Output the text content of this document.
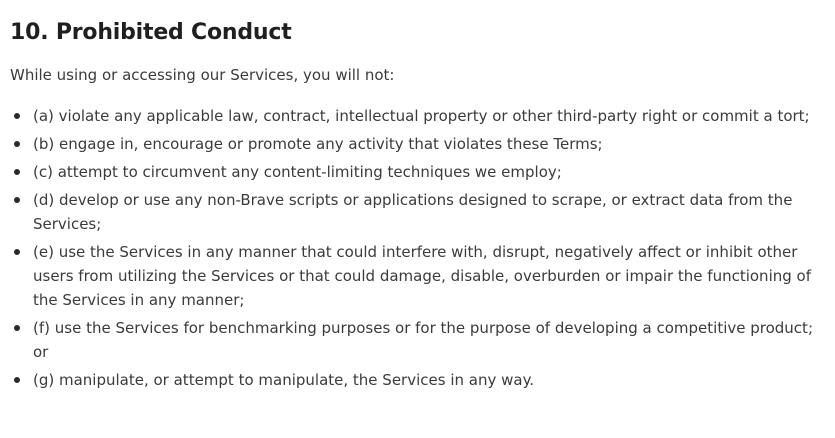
10. Prohibited Conduct

While using or accessing our Services, you will not:

(a) violate any applicable law, contract, intellectual property or other third-party right or commit a tort;
(b) engage in, encourage or promote any activity that violates these Terms;
(c) attempt to circumvent any content-limiting techniques we employ;
(d) develop or use any non-Brave scripts or applications designed to scrape, or extract data from the Services;
(e) use the Services in any manner that could interfere with, disrupt, negatively affect or inhibit other users from utilizing the Services or that could damage, disable, overburden or impair the functioning of the Services in any manner;
(f) use the Services for benchmarking purposes or for the purpose of developing a competitive product; or
(g) manipulate, or attempt to manipulate, the Services in any way.
